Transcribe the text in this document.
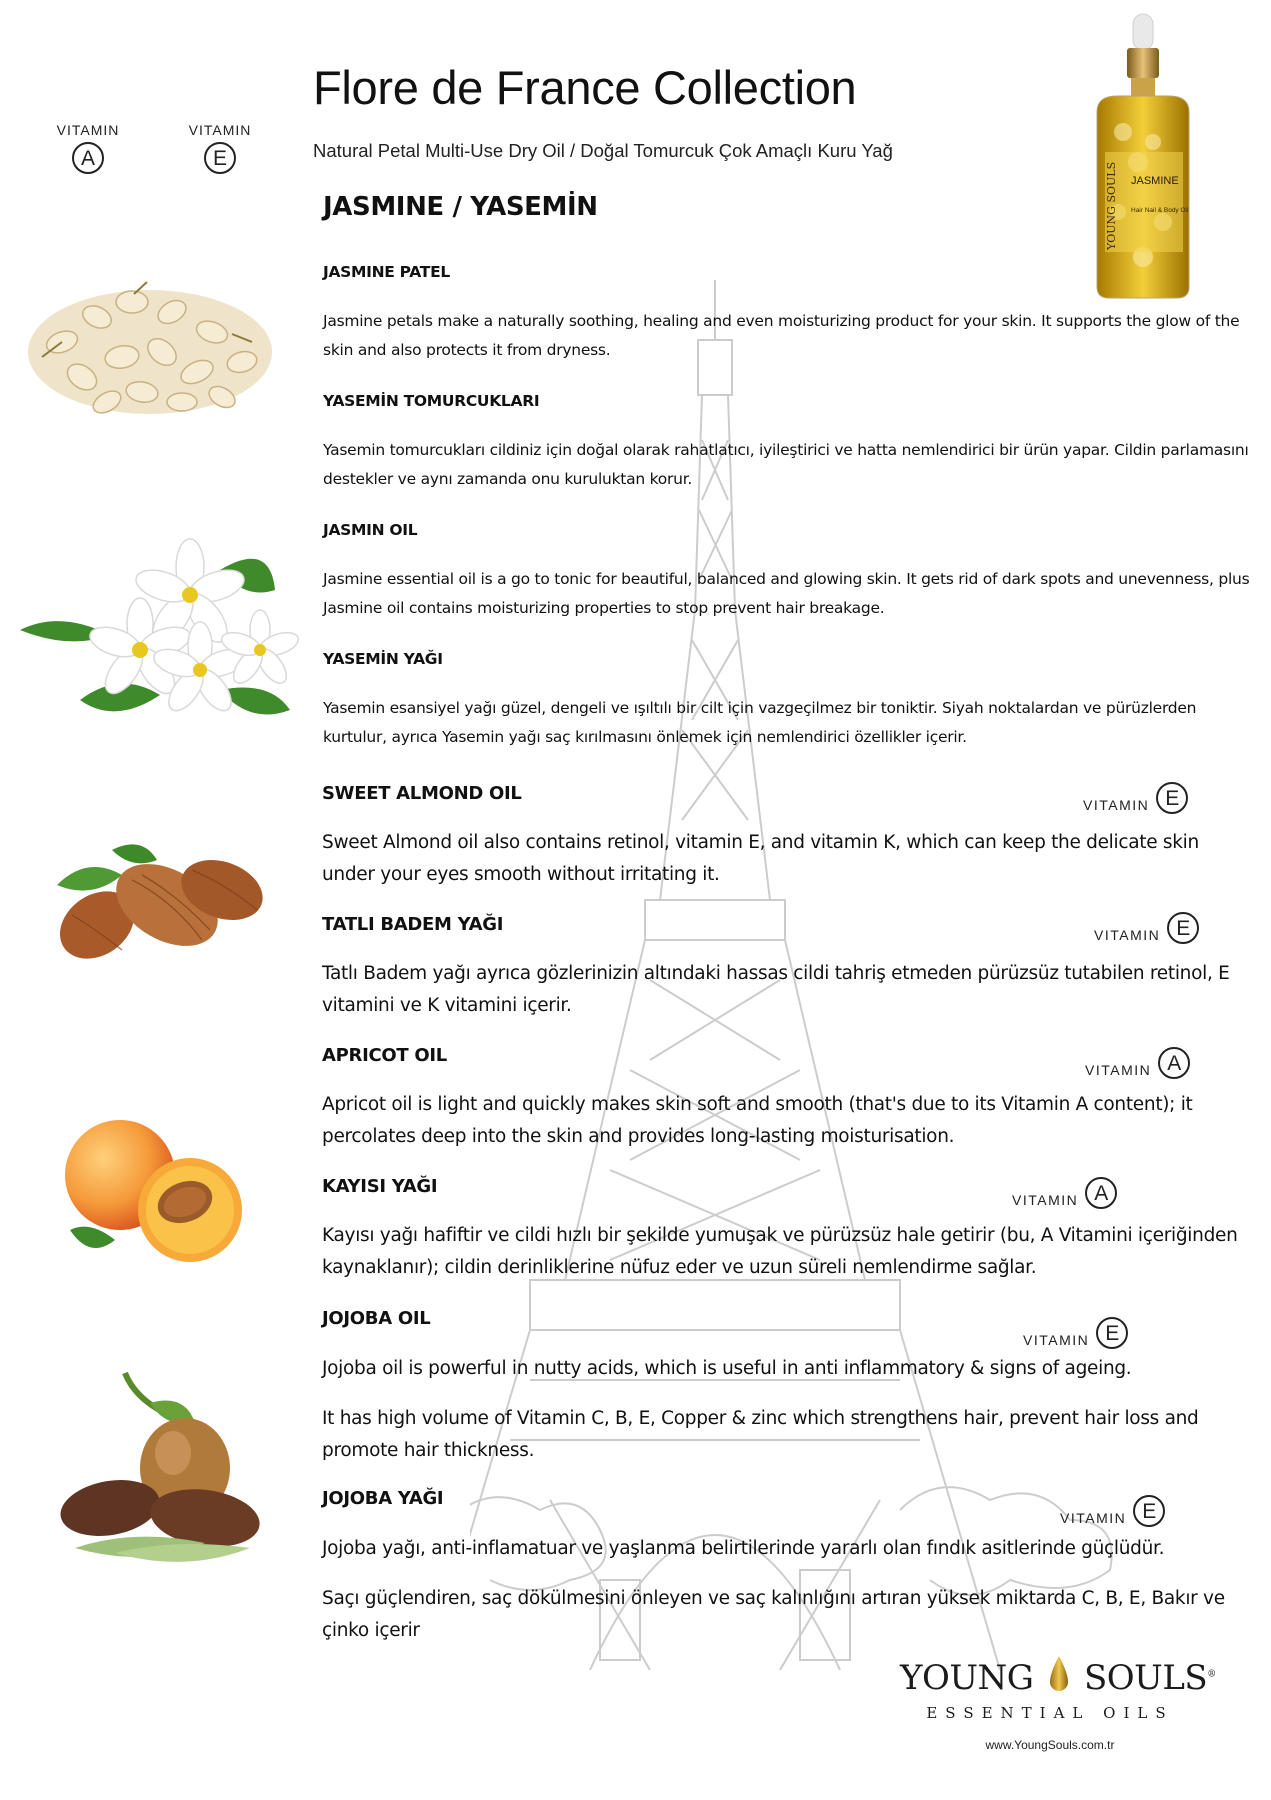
VITAMIN
A
VITAMIN
E
Flore de France Collection
Natural Petal Multi-Use Dry Oil / Doğal Tomurcuk Çok Amaçlı Kuru Yağ
YOUNG SOULS JASMINE
Hair Nail & Body Oil
JASMINE / YASEMİN
JASMINE PATEL
Jasmine petals make a naturally soothing, healing and even moisturizing product for your skin. It supports the glow of the skin and also protects it from dryness.
YASEMİN TOMURCUKLARI
Yasemin tomurcukları cildiniz için doğal olarak rahatlatıcı, iyileştirici ve hatta nemlendirici bir ürün yapar. Cildin parlamasını destekler ve aynı zamanda onu kuruluktan korur.
JASMIN OIL
Jasmine essential oil is a go to tonic for beautiful, balanced and glowing skin. It gets rid of dark spots and unevenness, plus Jasmine oil contains moisturizing properties to stop prevent hair breakage.
YASEMİN YAĞI
Yasemin esansiyel yağı güzel, dengeli ve ışıltılı bir cilt için vazgeçilmez bir toniktir. Siyah noktalardan ve pürüzlerden kurtulur, ayrıca Yasemin yağı saç kırılmasını önlemek için nemlendirici özellikler içerir.
SWEET ALMOND OIL
VITAMIN E
Sweet Almond oil also contains retinol, vitamin E, and vitamin K, which can keep the delicate skin under your eyes smooth without irritating it.
TATLI BADEM YAĞI	VITAMIN E
Tatlı Badem yağı ayrıca gözlerinizin altındaki hassas cildi tahriş etmeden pürüzsüz tutabilen retinol, E vitamini ve K vitamini içerir.
APRICOT OIL
VITAMIN A
Apricot oil is light and quickly makes skin soft and smooth (that's due to its Vitamin A content); it percolates deep into the skin and provides long-lasting moisturisation.
KAYISI YAĞI
VITAMIN A
Kayısı yağı hafiftir ve cildi hızlı bir şekilde yumuşak ve pürüzsüz hale getirir (bu, A Vitamini içeriğinden kaynaklanır); cildin derinliklerine nüfuz eder ve uzun süreli nemlendirme sağlar.
JOJOBA OIL
VITAMIN E
Jojoba oil is powerful in nutty acids, which is useful in anti inflammatory & signs of ageing.
It has high volume of Vitamin C, B, E, Copper & zinc which strengthens hair, prevent hair loss and promote hair thickness.
JOJOBA YAĞI
VITAMIN E
Jojoba yağı, anti-inflamatuar ve yaşlanma belirtilerinde yararlı olan fındık asitlerinde güçlüdür.
Saçı güçlendiren, saç dökülmesini önleyen ve saç kalınlığını artıran yüksek miktarda C, B, E, Bakır ve çinko içerir
YOUNG SOULS®
ESSENTIAL OILS
www.YoungSouls.com.tr
